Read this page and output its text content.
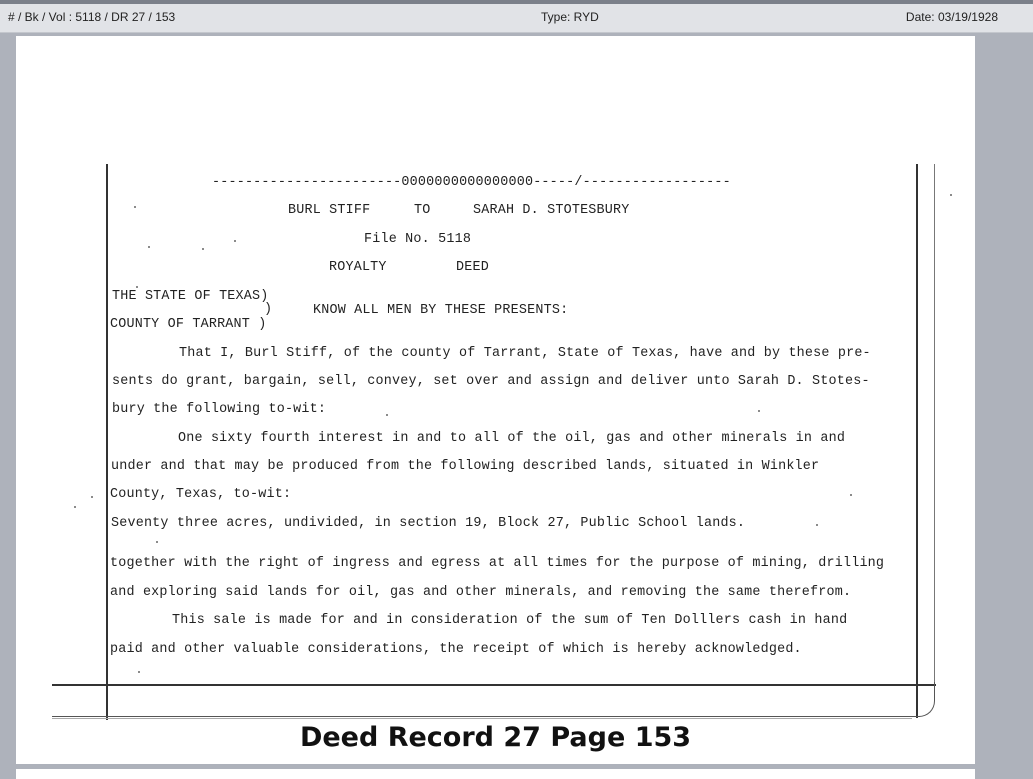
# / Bk / Vol : 5118 / DR 27 / 153	Type: RYD	Date: 03/19/1928
-----------------------0000000000000000-----/------------------
BURL STIFF	TO	SARAH D. STOTESBURY
File No. 5118
ROYALTY	DEED
THE STATE OF TEXAS)
)	KNOW ALL MEN BY THESE PRESENTS:
COUNTY OF TARRANT )
That I, Burl Stiff, of the county of Tarrant, State of Texas, have and by these pre-
sents do grant, bargain, sell, convey, set over and assign and deliver unto Sarah D. Stotes-
bury the following to-wit:
One sixty fourth interest in and to all of the oil, gas and other minerals in and
under and that may be produced from the following described lands, situated in Winkler
County, Texas, to-wit:
Seventy three acres, undivided, in section 19, Block 27, Public School lands.
together with the right of ingress and egress at all times for the purpose of mining, drilling
and exploring said lands for oil, gas and other minerals, and removing the same therefrom.
This sale is made for and in consideration of the sum of Ten Dolllers cash in hand
paid and other valuable considerations, the receipt of which is hereby acknowledged.
Deed Record 27 Page 153
